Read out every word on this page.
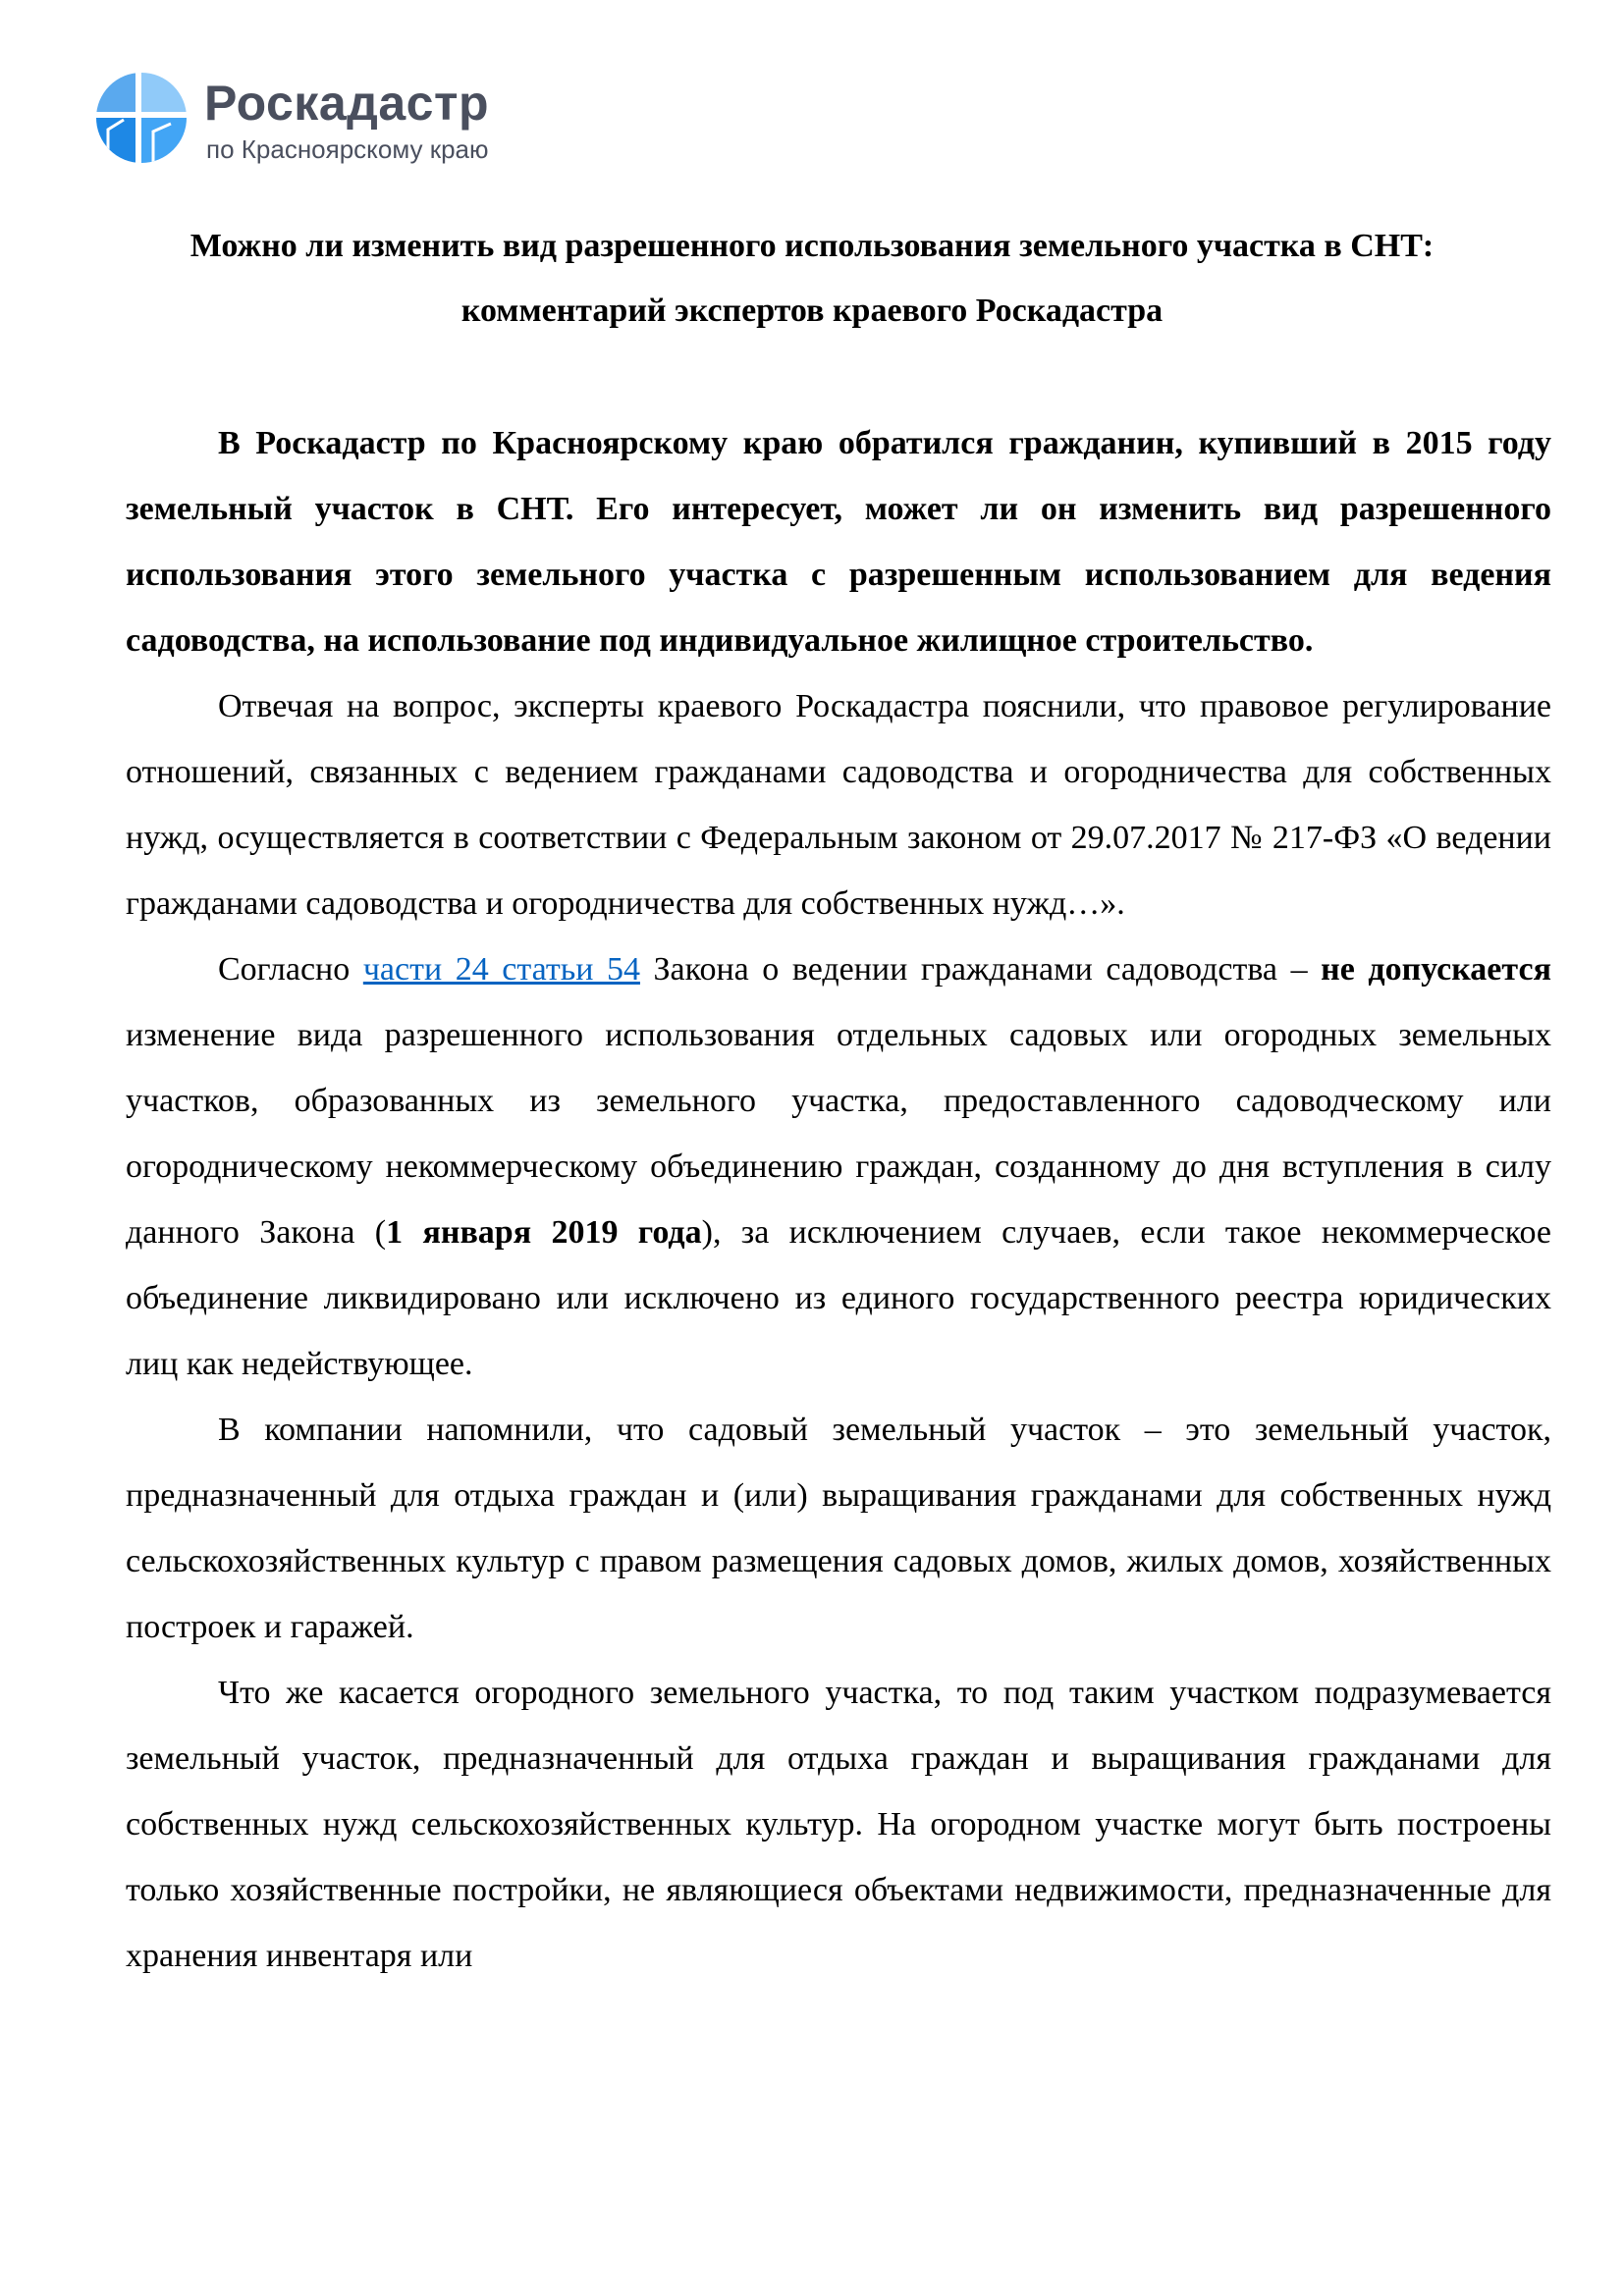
Роскадастр
по Красноярскому краю
Можно ли изменить вид разрешенного использования земельного участка в СНТ:
комментарий экспертов краевого Роскадастра

В Роскадастр по Красноярскому краю обратился гражданин, купивший в 2015 году земельный участок в СНТ. Его интересует, может ли он изменить вид разрешенного использования этого земельного участка с разрешенным использованием для ведения садоводства, на использование под индивидуальное жилищное строительство.

Отвечая на вопрос, эксперты краевого Роскадастра пояснили, что правовое регулирование отношений, связанных с ведением гражданами садоводства и огородничества для собственных нужд, осуществляется в соответствии с Федеральным законом от 29.07.2017 № 217-ФЗ «О ведении гражданами садоводства и огородничества для собственных нужд…».

Согласно части 24 статьи 54 Закона о ведении гражданами садоводства – не допускается изменение вида разрешенного использования отдельных садовых или огородных земельных участков, образованных из земельного участка, предоставленного садоводческому или огородническому некоммерческому объединению граждан, созданному до дня вступления в силу данного Закона (1 января 2019 года), за исключением случаев, если такое некоммерческое объединение ликвидировано или исключено из единого государственного реестра юридических лиц как недействующее.

В компании напомнили, что садовый земельный участок – это земельный участок, предназначенный для отдыха граждан и (или) выращивания гражданами для собственных нужд сельскохозяйственных культур с правом размещения садовых домов, жилых домов, хозяйственных построек и гаражей.

Что же касается огородного земельного участка, то под таким участком подразумевается земельный участок, предназначенный для отдыха граждан и выращивания гражданами для собственных нужд сельскохозяйственных культур. На огородном участке могут быть построены только хозяйственные постройки, не являющиеся объектами недвижимости, предназначенные для хранения инвентаря или
